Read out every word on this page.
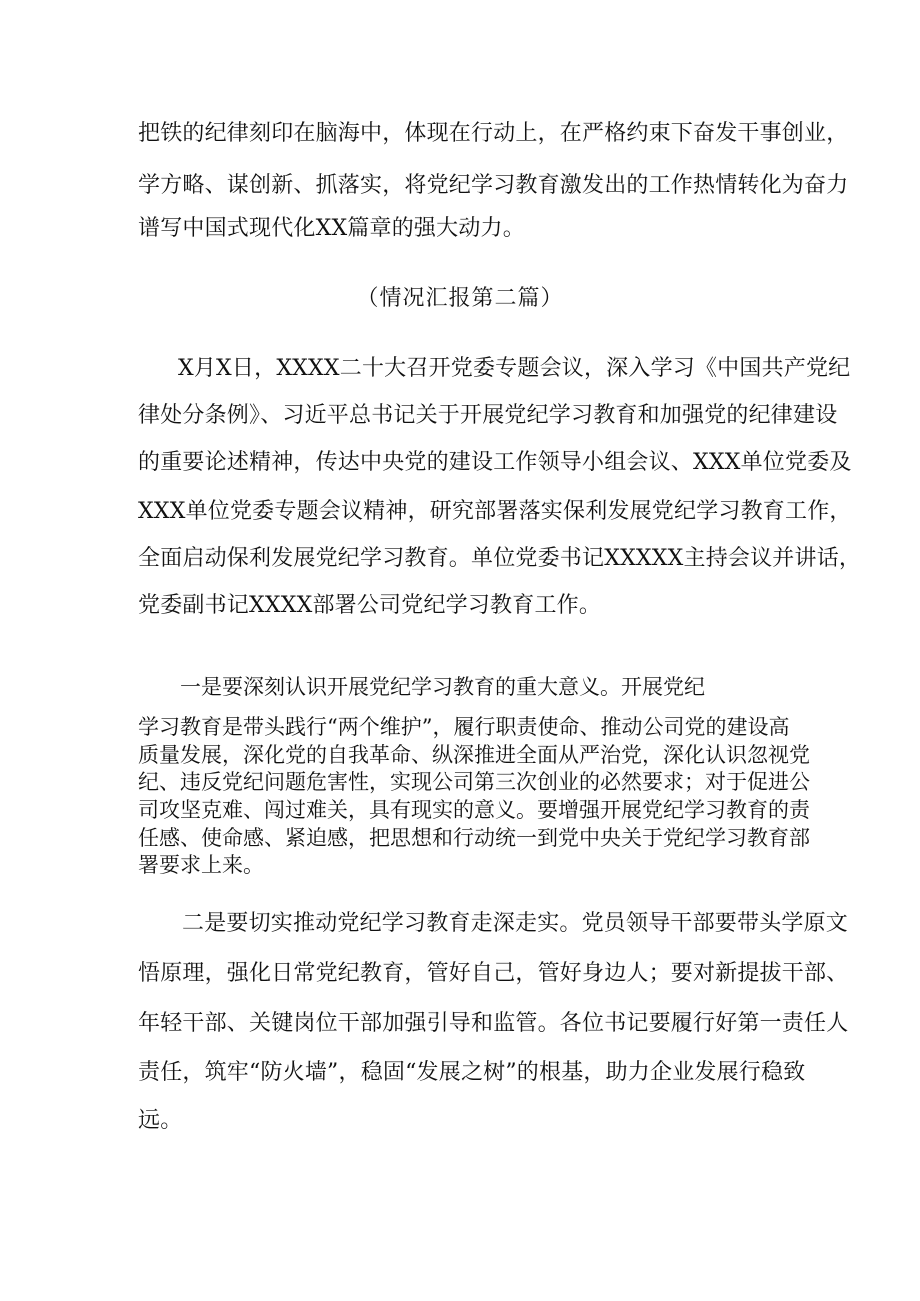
把铁的纪律刻印在脑海中，体现在行动上，在严格约束下奋发干事创业，
学方略、谋创新、抓落实，将党纪学习教育激发出的工作热情转化为奋力
谱写中国式现代化XX篇章的强大动力。
（情况汇报第二篇）
X月X日，XXXX二十大召开党委专题会议，深入学习《中国共产党纪
律处分条例》、习近平总书记关于开展党纪学习教育和加强党的纪律建设
的重要论述精神，传达中央党的建设工作领导小组会议、XXX单位党委及
XXX单位党委专题会议精神，研究部署落实保利发展党纪学习教育工作，
全面启动保利发展党纪学习教育。单位党委书记XXXXX主持会议并讲话，
党委副书记XXXX部署公司党纪学习教育工作。
一是要深刻认识开展党纪学习教育的重大意义。开展党纪
学习教育是带头践行“两个维护”，履行职责使命、推动公司党的建设高
质量发展，深化党的自我革命、纵深推进全面从严治党，深化认识忽视党
纪、违反党纪问题危害性，实现公司第三次创业的必然要求；对于促进公
司攻坚克难、闯过难关，具有现实的意义。要增强开展党纪学习教育的责
任感、使命感、紧迫感，把思想和行动统一到党中央关于党纪学习教育部
署要求上来。
二是要切实推动党纪学习教育走深走实。党员领导干部要带头学原文
悟原理，强化日常党纪教育，管好自己，管好身边人；要对新提拔干部、
年轻干部、关键岗位干部加强引导和监管。各位书记要履行好第一责任人
责任，筑牢“防火墙”，稳固“发展之树”的根基，助力企业发展行稳致
远。
